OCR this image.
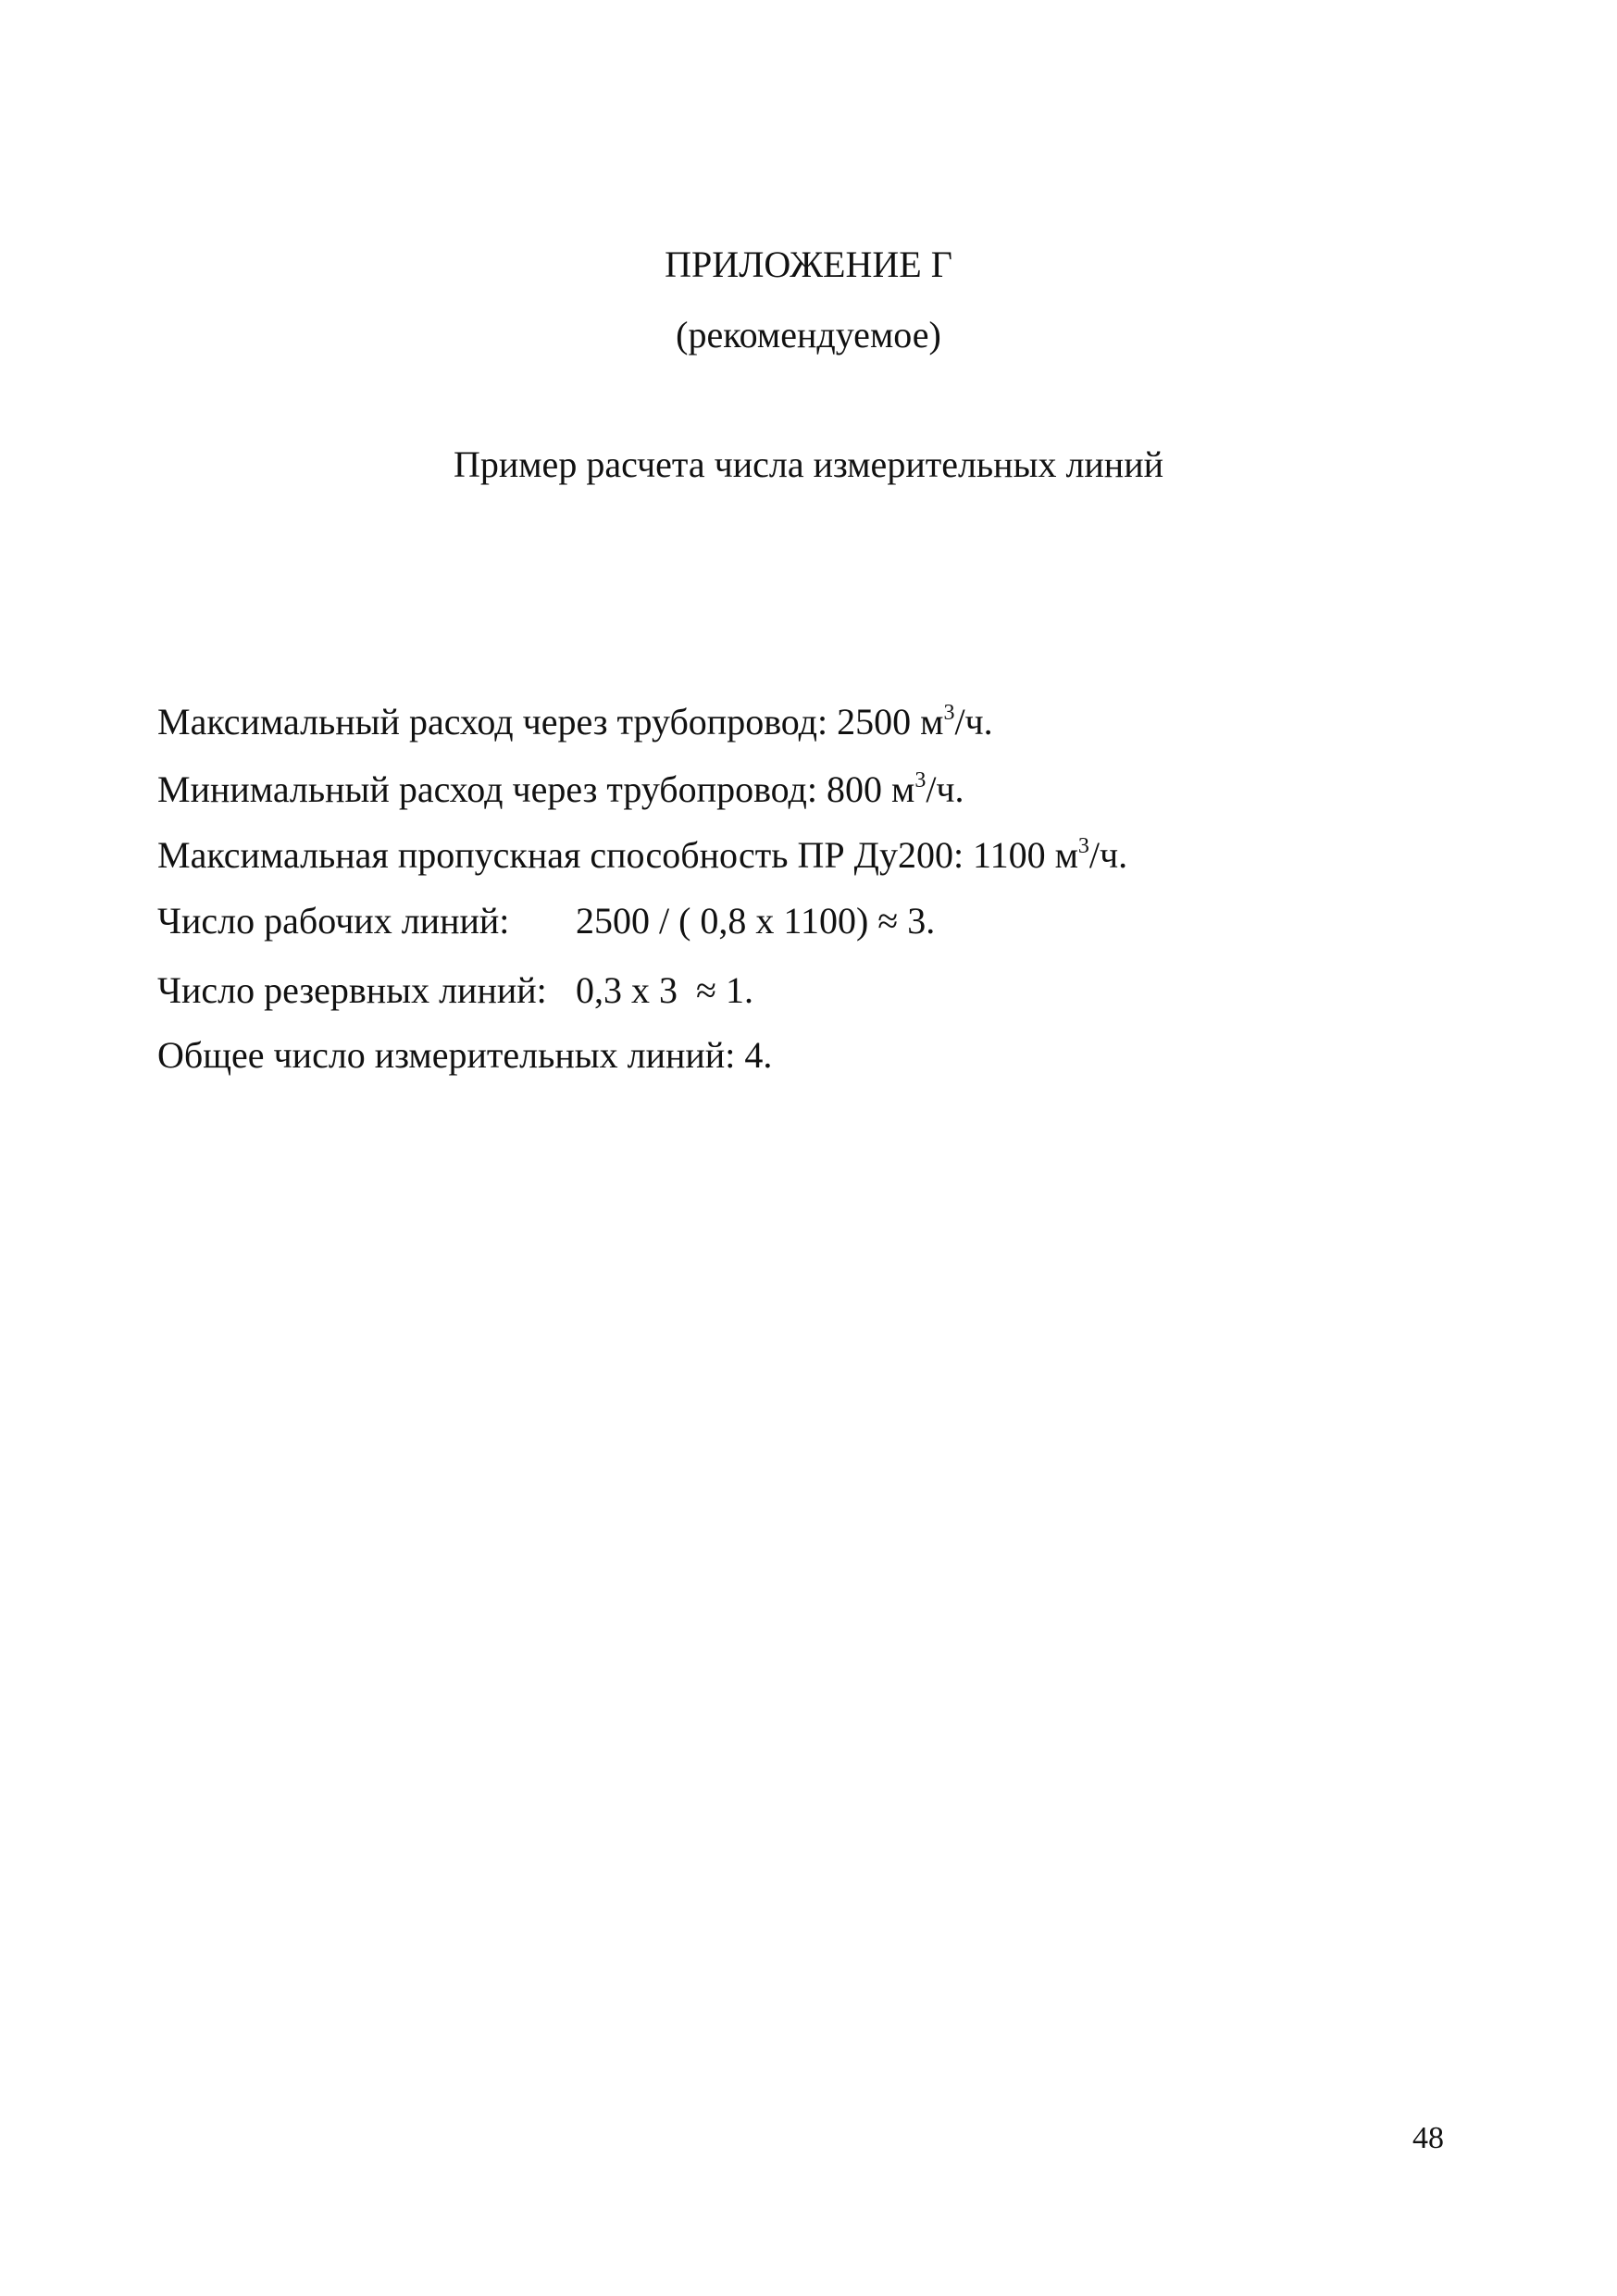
ПРИЛОЖЕНИЕ Г
(рекомендуемое)
Пример расчета числа измерительных линий
Максимальный расход через трубопровод: 2500 $м^3/ч$.
Минимальный расход через трубопровод: 800 $м^3/ч$.
Максимальная пропускная способность ПР Ду200: 1100 $м^3/ч$.
Число рабочих линий: 2500 / ( 0,8 х 1100) ≈ 3.
Число резервных линий: 0,3 х 3  ≈ 1.
Общее число измерительных линий: 4.
48
